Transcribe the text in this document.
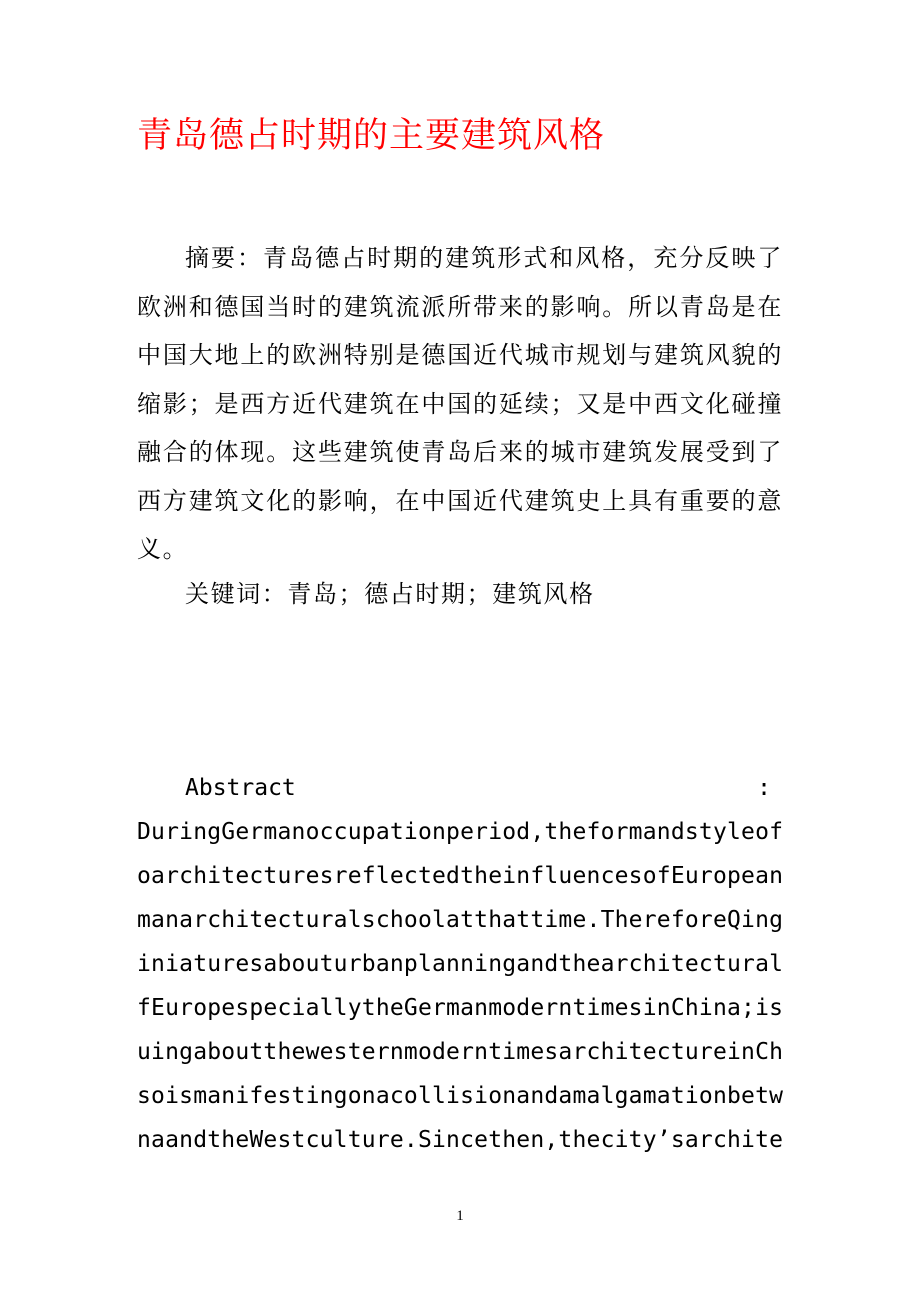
青岛德占时期的主要建筑风格
摘要：青岛德占时期的建筑形式和风格，充分反映了欧洲和德国当时的建筑流派所带来的影响。所以青岛是在中国大地上的欧洲特别是德国近代城市规划与建筑风貌的缩影；是西方近代建筑在中国的延续；又是中西文化碰撞融合的体现。这些建筑使青岛后来的城市建筑发展受到了西方建筑文化的影响，在中国近代建筑史上具有重要的意义。
关键词：青岛；德占时期；建筑风格
Abstract	:
D u r i n g G e r m a n o c c u p a t i o n p e r i o d , t h e f o r m a n d s t y l e o f
o a r c h i t e c t u r e s r e f l e c t e d t h e i n f l u e n c e s o f E u r o p e a n
m a n a r c h i t e c t u r a l s c h o o l a t t h a t t i m e . T h e r e f o r e Q i n g
i n i a t u r e s a b o u t u r b a n p l a n n i n g a n d t h e a r c h i t e c t u r a l
f E u r o p e s p e c i a l l y t h e G e r m a n m o d e r n t i m e s i n C h i n a ; i s
u i n g a b o u t t h e w e s t e r n m o d e r n t i m e s a r c h i t e c t u r e i n C h
s o i s m a n i f e s t i n g o n a c o l l i s i o n a n d a m a l g a m a t i o n b e t w
n a a n d t h e W e s t c u l t u r e . S i n c e t h e n , t h e c i t y ’ s a r c h i t e
1
